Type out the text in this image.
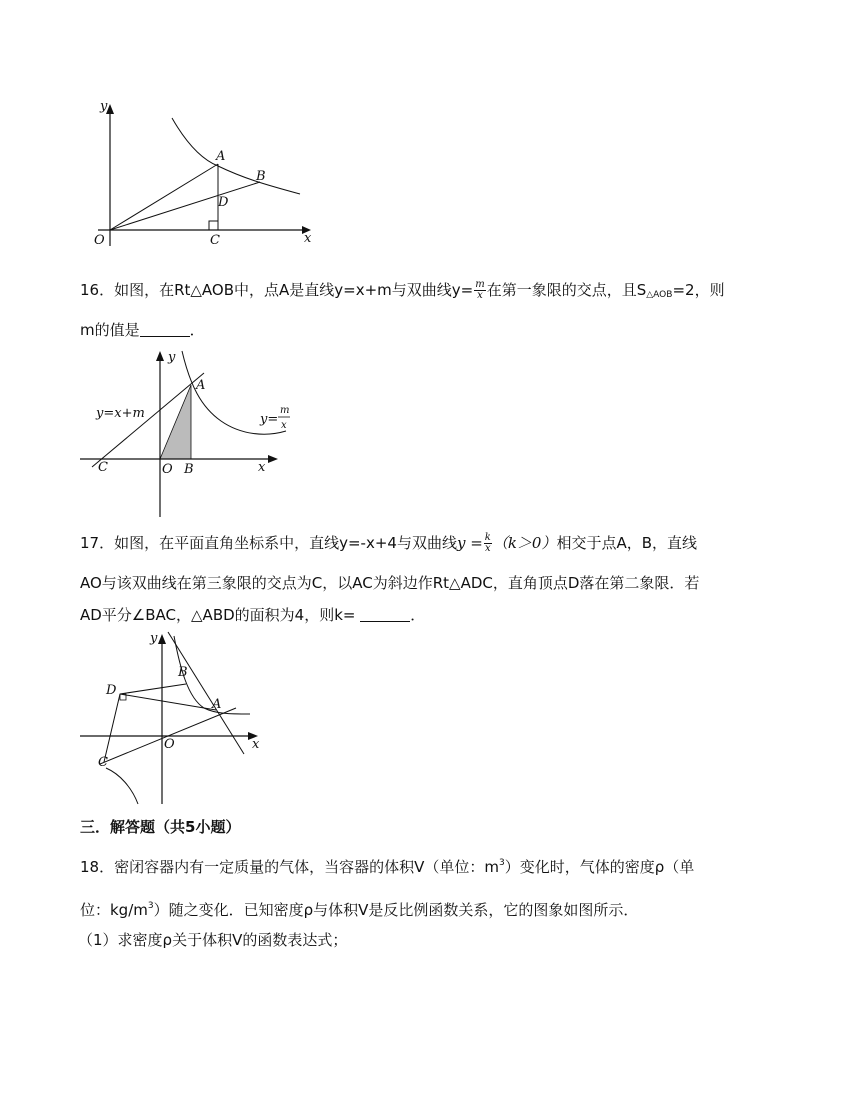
y
O	x
A
B
C
D
16．如图，在Rt△AOB中，点A是直线y=x+m与双曲线$y= \frac{m}{x}$ 在第一象限的交点，且$S_{\triangle AOB}=2$，则
m的值是	．
y
A
y=x+m	y=
m
x
C	O B	x
17．如图，在平面直角坐标系中，直线y=-x+4与双曲线$y = \frac{k}{x} (k>0)$相交于点A，B，直线
AO与该双曲线在第三象限的交点为C，以AC为斜边作Rt△ADC，直角顶点D落在第二象限．若
AD平分∠BAC，△ABD的面积为4，则k=	．
y
B
D
A
O	x
C
三．解答题（共5小题）
18．密闭容器内有一定质量的气体，当容器的体积V（单位：$m^3$）变化时，气体的密度ρ（单
位：$kg/m^3$）随之变化．已知密度ρ与体积V是反比例函数关系，它的图象如图所示．
（1）求密度ρ关于体积V的函数表达式；
